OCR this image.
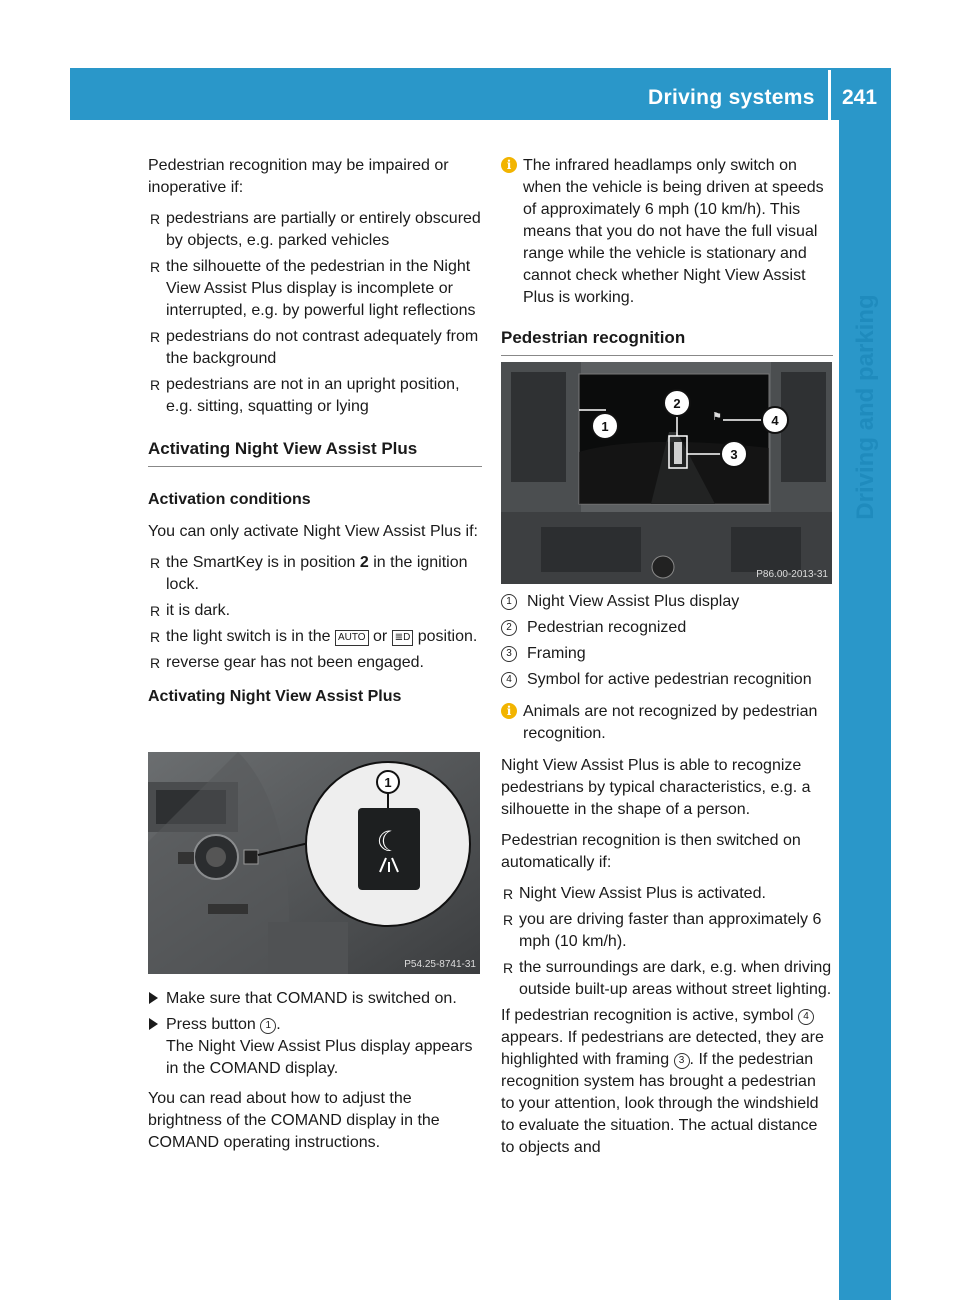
Driving systems 241
Driving and parking

Pedestrian recognition may be impaired or inoperative if:

R pedestrians are partially or entirely obscured by objects, e.g. parked vehicles
R the silhouette of the pedestrian in the Night View Assist Plus display is incomplete or interrupted, e.g. by powerful light reflections
R pedestrians do not contrast adequately from the background
R pedestrians are not in an upright position, e.g. sitting, squatting or lying
Activating Night View Assist Plus
Activation conditions

You can only activate Night View Assist Plus if:

R the SmartKey is in position 2 in the ignition lock.
R it is dark.
R the light switch is in the AUTO or ≣D position.
R reverse gear has not been engaged.
Activating Night View Assist Plus
☾
1
P54.25-8741-31
Make sure that COMAND is switched on.
Press button 1 .
The Night View Assist Plus display appears in the COMAND display.

You can read about how to adjust the brightness of the COMAND display in the COMAND operating instructions.

i The infrared headlamps only switch on when the vehicle is being driven at speeds of approximately 6 mph (10 km/h). This means that you do not have the full visual range while the vehicle is stationary and cannot check whether Night View Assist Plus is working.
Pedestrian recognition
⚑
1
2
3
4
P86.00-2013-31
1 Night View Assist Plus display
2 Pedestrian recognized
3 Framing
4 Symbol for active pedestrian recognition
i Animals are not recognized by pedestrian recognition.

Night View Assist Plus is able to recognize pedestrians by typical characteristics, e.g. a silhouette in the shape of a person.

Pedestrian recognition is then switched on automatically if:

R Night View Assist Plus is activated.
R you are driving faster than approximately 6 mph (10 km/h).
R the surroundings are dark, e.g. when driving outside built-up areas without street lighting.

If pedestrian recognition is active, symbol 4 appears. If pedestrians are detected, they are highlighted with framing 3 . If the pedestrian recognition system has brought a pedestrian to your attention, look through the windshield to evaluate the situation. The actual distance to objects and
